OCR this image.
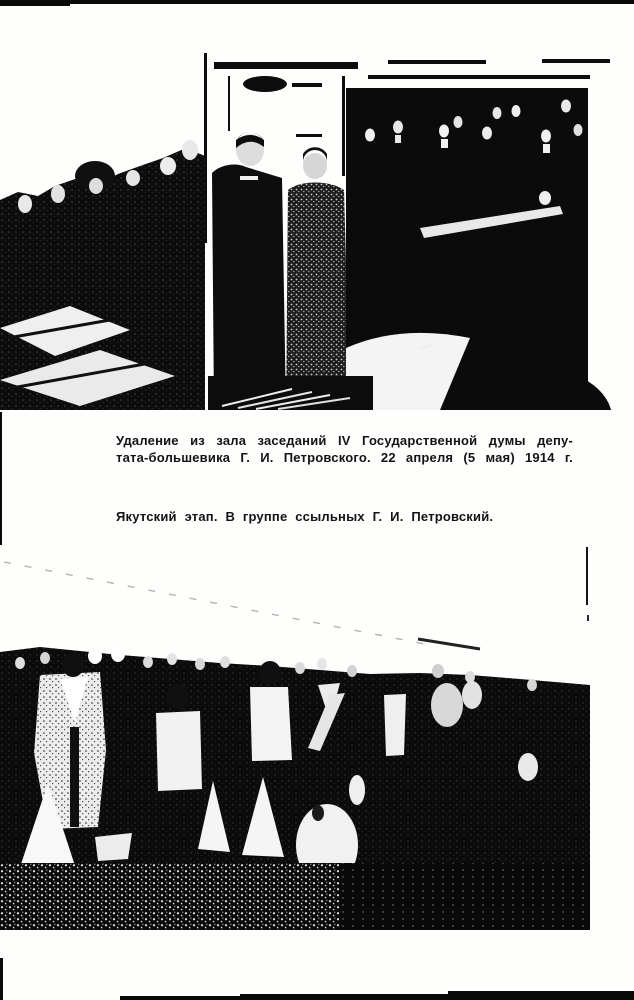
Удаление из зала заседаний IV Государственной думы депу-
тата-большевика Г. И. Петровского. 22 апреля (5 мая) 1914 г.
Якутский этап. В группе ссыльных Г. И. Петровский.
